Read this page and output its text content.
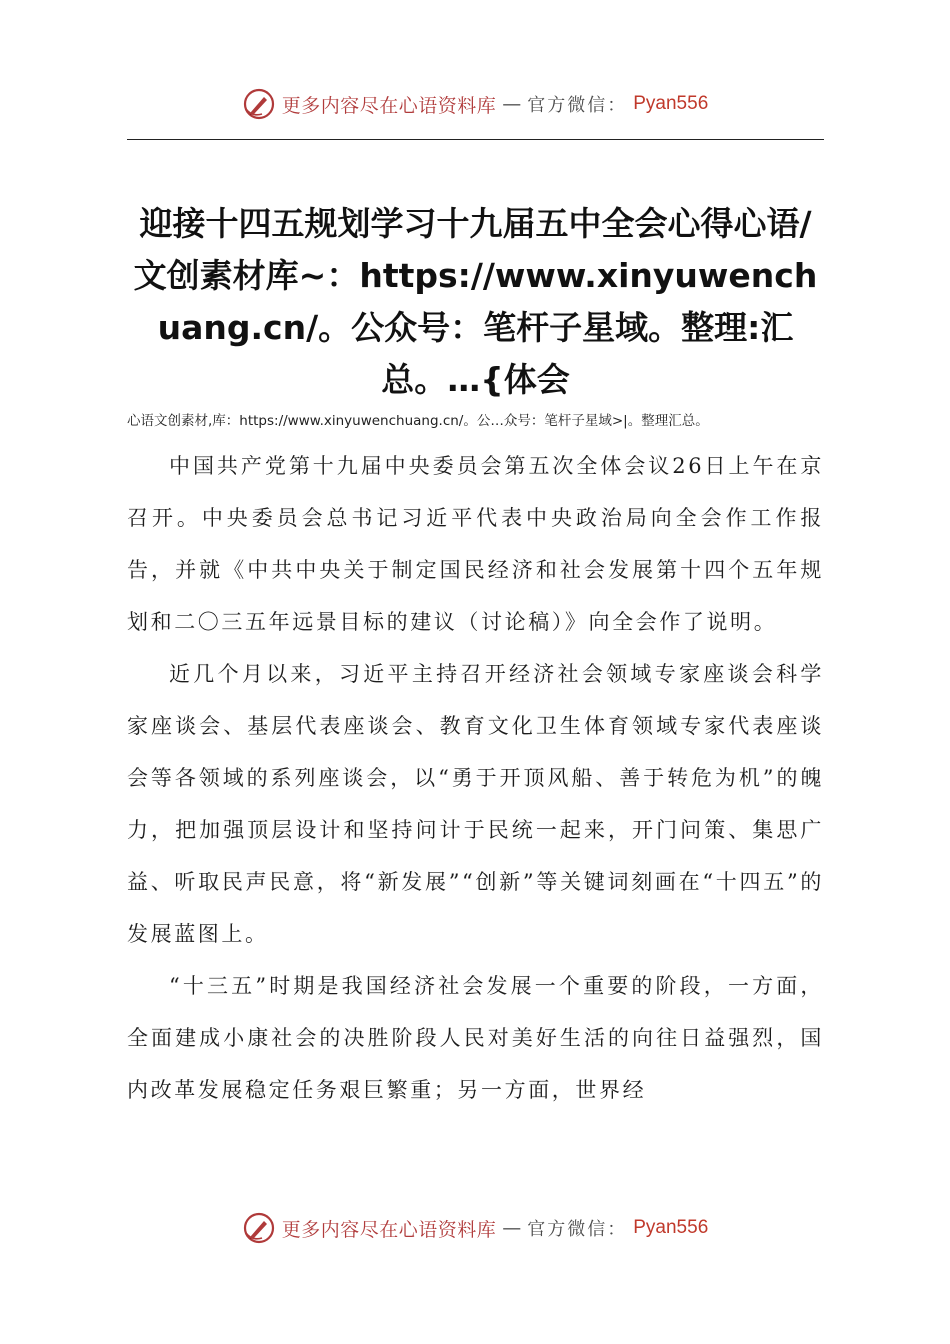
更多内容尽在心语资料库 — 官方微信： Pyan556
迎接十四五规划学习十九届五中全会心得心语/文创素材库~：https://www.xinyuwenchuang.cn/。公众号：笔杆子星域。整理:汇总。…{体会
心语文创素材,库：https://www.xinyuwenchuang.cn/。公…众号：笔杆子星域>|。整理汇总。

中国共产党第十九届中央委员会第五次全体会议26日上午在京召开。中央委员会总书记习近平代表中央政治局向全会作工作报告，并就《中共中央关于制定国民经济和社会发展第十四个五年规划和二〇三五年远景目标的建议（讨论稿）》向全会作了说明。

近几个月以来，习近平主持召开经济社会领域专家座谈会科学家座谈会、基层代表座谈会、教育文化卫生体育领域专家代表座谈会等各领域的系列座谈会，以“勇于开顶风船、善于转危为机”的魄力，把加强顶层设计和坚持问计于民统一起来，开门问策、集思广益、听取民声民意，将“新发展”“创新”等关键词刻画在“十四五”的发展蓝图上。

“十三五”时期是我国经济社会发展一个重要的阶段，一方面，全面建成小康社会的决胜阶段人民对美好生活的向往日益强烈，国内改革发展稳定任务艰巨繁重；另一方面，世界经

更多内容尽在心语资料库 — 官方微信： Pyan556
